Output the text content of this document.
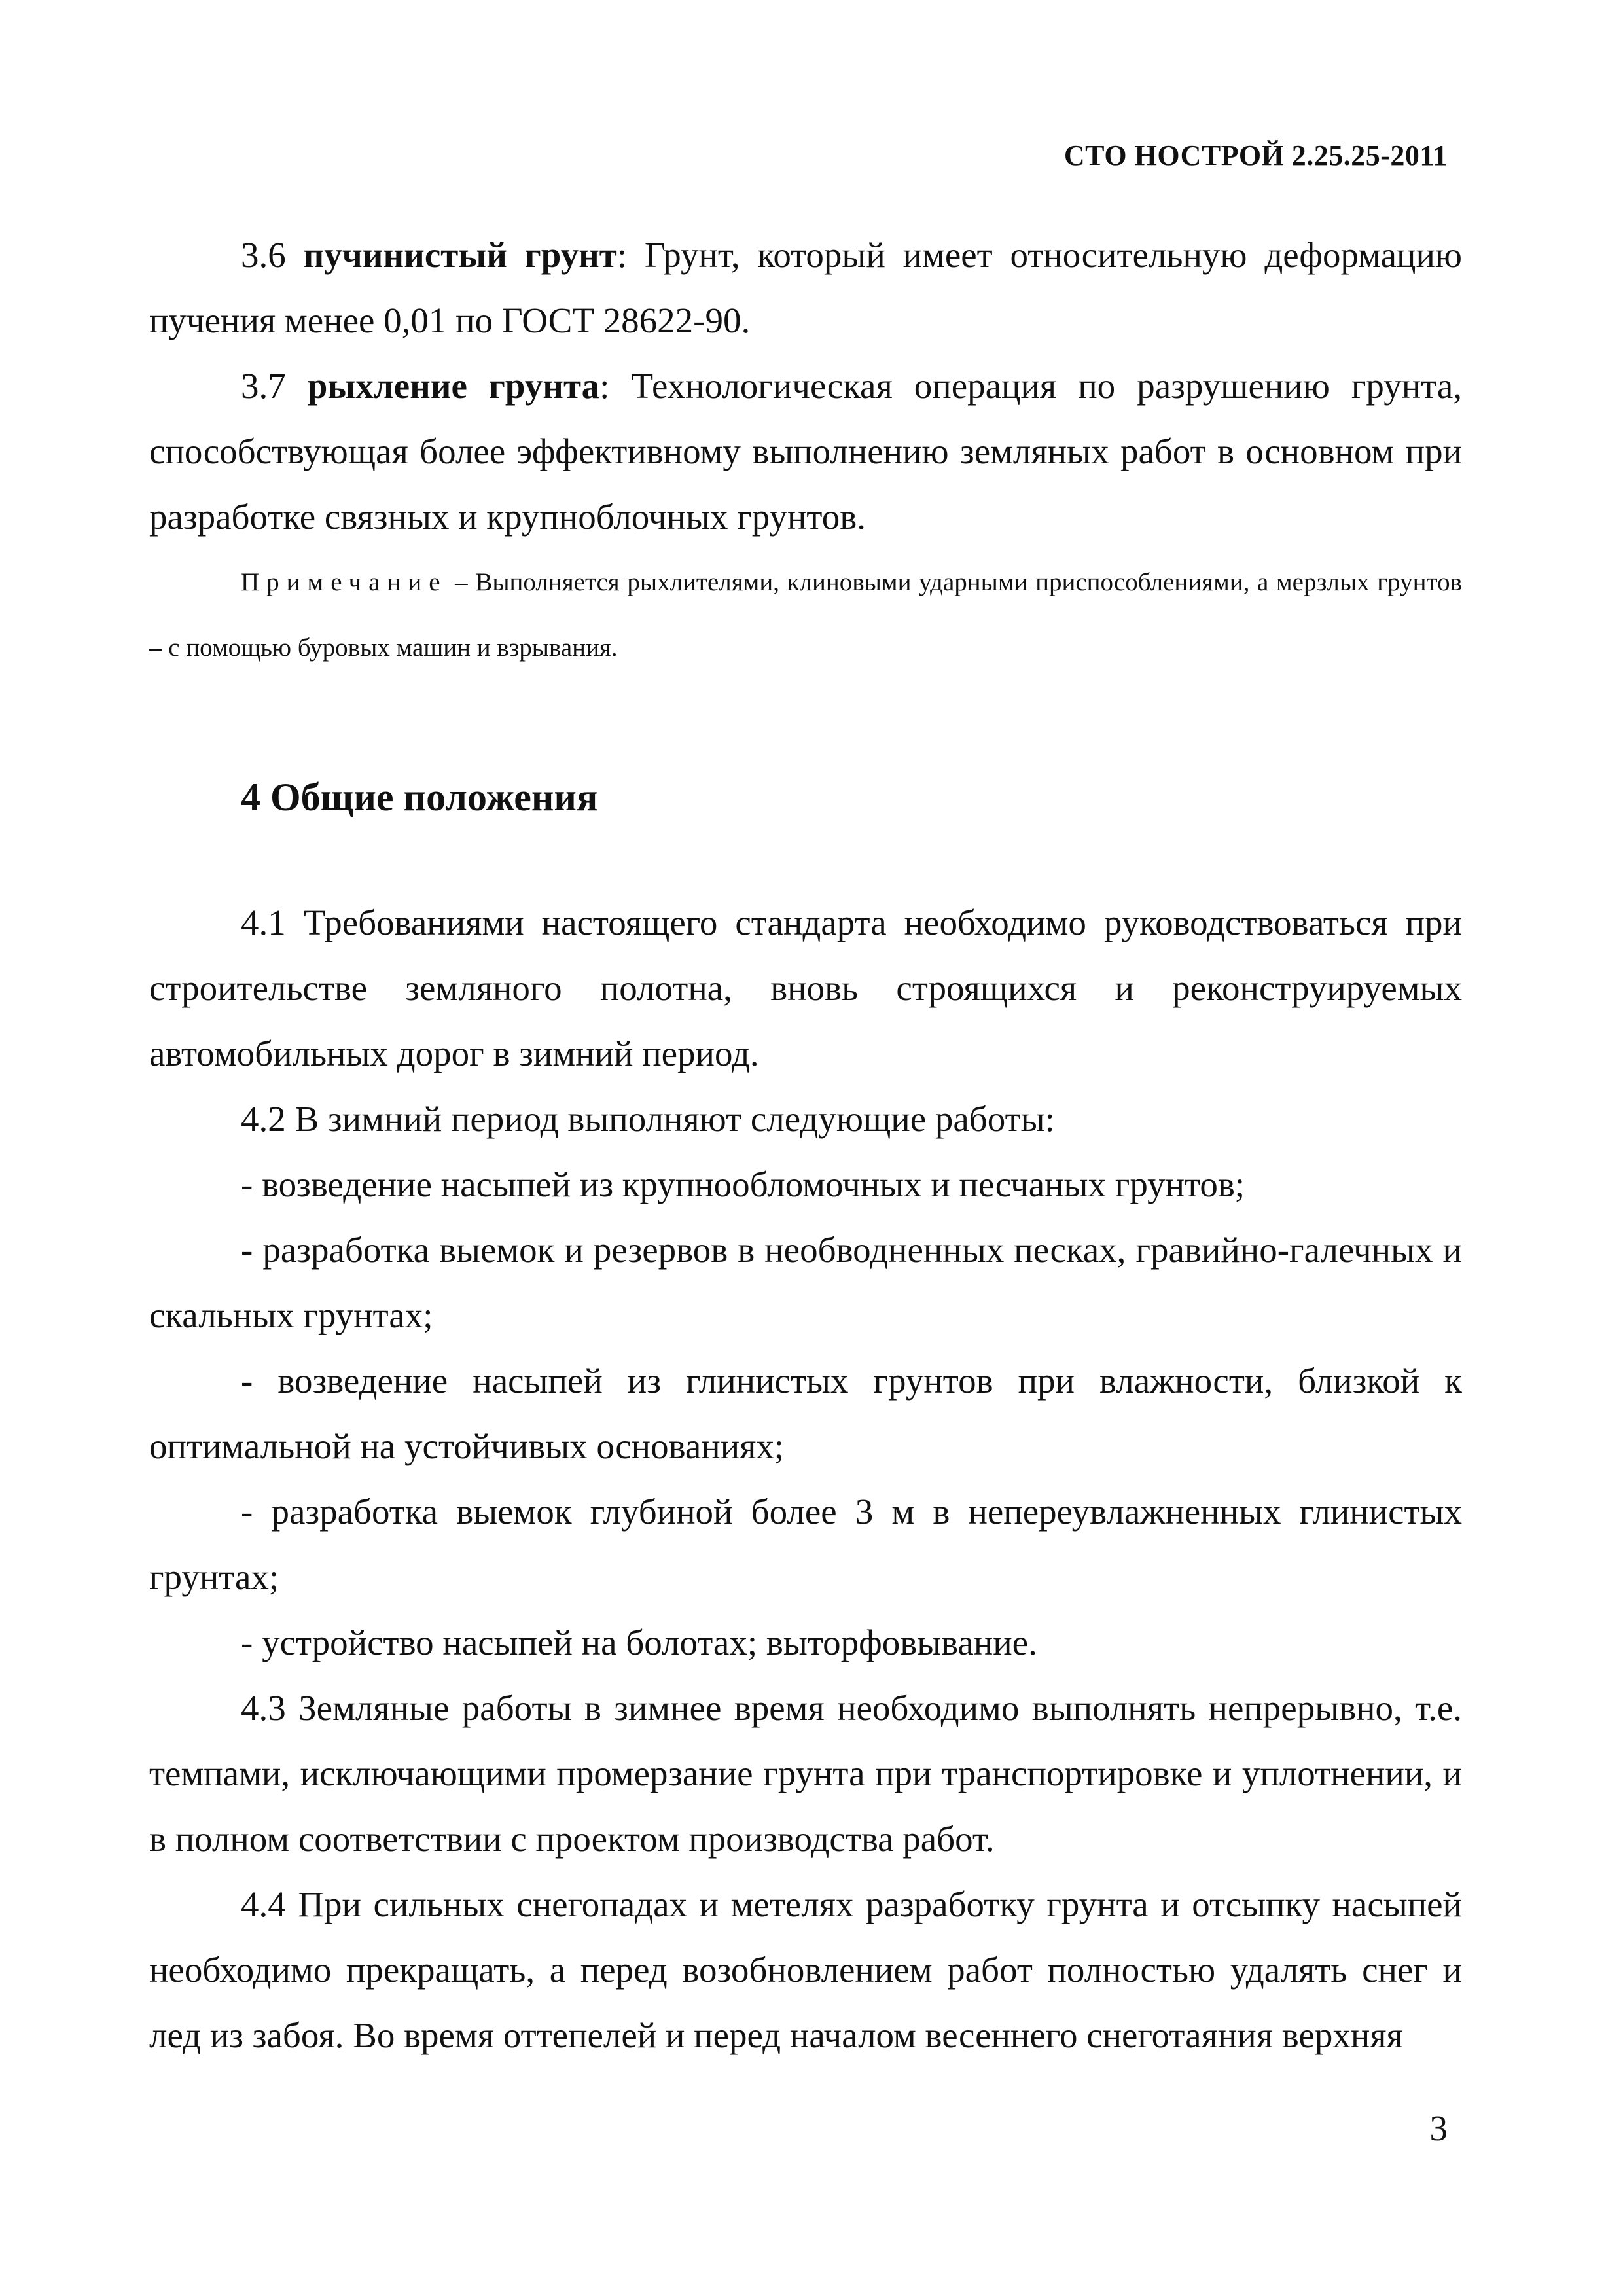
СТО НОСТРОЙ 2.25.25-2011

3.6 пучинистый грунт: Грунт, который имеет относительную деформацию пучения менее 0,01 по ГОСТ 28622-90.

3.7 рыхление грунта: Технологическая операция по разрушению грунта, способствующая более эффективному выполнению земляных работ в основном при разработке связных и крупноблочных грунтов.

Примечание – Выполняется рыхлителями, клиновыми ударными приспособлениями, а мерзлых грунтов – с помощью буровых машин и взрывания.

4 Общие положения

4.1 Требованиями настоящего стандарта необходимо руководствоваться при строительстве земляного полотна, вновь строящихся и реконструируемых автомобильных дорог в зимний период.

4.2 В зимний период выполняют следующие работы:

- возведение насыпей из крупнообломочных и песчаных грунтов;

- разработка выемок и резервов в необводненных песках, гравийно-галечных и скальных грунтах;

- возведение насыпей из глинистых грунтов при влажности, близкой к оптимальной на устойчивых основаниях;

- разработка выемок глубиной более 3 м в непереувлажненных глинистых грунтах;

- устройство насыпей на болотах; выторфовывание.

4.3 Земляные работы в зимнее время необходимо выполнять непрерывно, т.е. темпами, исключающими промерзание грунта при транспортировке и уплотнении, и в полном соответствии с проектом производства работ.

4.4 При сильных снегопадах и метелях разработку грунта и отсыпку насыпей необходимо прекращать, а перед возобновлением работ полностью удалять снег и лед из забоя. Во время оттепелей и перед началом весеннего снеготаяния верхняя

3
